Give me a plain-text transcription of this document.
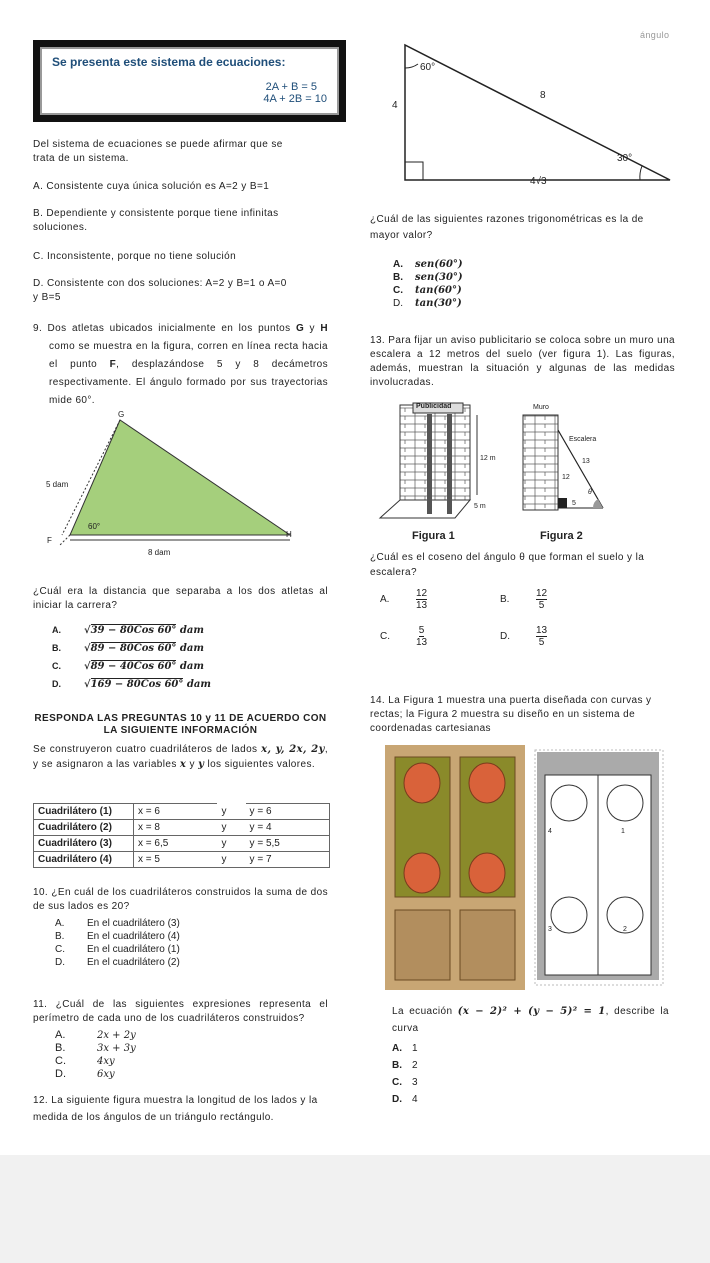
ángulo
Se presenta este sistema de ecuaciones:
2A + B = 5
4A + 2B = 10
Del sistema de ecuaciones se puede afirmar que se trata de un sistema.
A. Consistente cuya única solución es A=2 y B=1
B. Dependiente y consistente porque tiene infinitas soluciones.
C. Inconsistente, porque no tiene solución
D. Consistente con dos soluciones: A=2 y B=1 o A=0 y B=5
9. Dos atletas ubicados inicialmente en los puntos G y H como se muestra en la figura, corren en línea recta hacia el punto F, desplazándose 5 y 8 decámetros respectivamente. El ángulo formado por sus trayectorias mide 60°.
G
H
F
5 dam
8 dam
60°
¿Cuál era la distancia que separaba a los dos atletas al iniciar la carrera?
A.	√39 − 80Cos 60° dam
B.	√89 − 80Cos 60° dam
C.	√89 − 40Cos 60° dam
D.	√169 − 80Cos 60° dam
RESPONDA LAS PREGUNTAS 10 y 11 DE ACUERDO CON
LA SIGUIENTE INFORMACIÓN
Se construyeron cuatro cuadriláteros de lados x, y, 2x, 2y, y se asignaron a las variables x y y los siguientes valores.
Cuadrilátero (1)	x = 6	y	y = 6
Cuadrilátero (2)	x = 8	y	y = 4
Cuadrilátero (3)	x = 6,5	y	y = 5,5
Cuadrilátero (4)	x = 5	y	y = 7
10. ¿En cuál de los cuadriláteros construidos la suma de dos de sus lados es 20?
A.	En el cuadrilátero (3)
B.	En el cuadrilátero (4)
C.	En el cuadrilátero (1)
D.	En el cuadrilátero (2)
11. ¿Cuál de las siguientes expresiones representa el perímetro de cada uno de los cuadriláteros construidos?
A.	2x + 2y
B.	3x + 3y
C.	4xy
D.	6xy
12. La siguiente figura muestra la longitud de los lados y la medida de los ángulos de un triángulo rectángulo.
60°
30°
8
4
4√3
¿Cuál de las siguientes razones trigonométricas es la de mayor valor?
A.	sen(60°)
B.	sen(30°)
C.	tan(60°)
D.	tan(30°)
13. Para fijar un aviso publicitario se coloca sobre un muro una escalera a 12 metros del suelo (ver figura 1). Las figuras, además, muestran la situación y algunas de las medidas involucradas.
Publicidad
12 m
5 m
Muro
Escalera
13
12
5
θ
Figura 1	Figura 2
¿Cuál es el coseno del ángulo θ que forman el suelo y la escalera?
A.	$\frac{12}{13}$	B.	$\frac{12}{5}$
C.	$\frac{5}{13}$	D.	$\frac{13}{5}$
14. La Figura 1 muestra una puerta diseñada con curvas y rectas; la Figura 2 muestra su diseño en un sistema de coordenadas cartesianas
4	1
3	2
La ecuación (x − 2)² + (y − 5)² = 1, describe la curva
A.	1
B.	2
C.	3
D.	4
